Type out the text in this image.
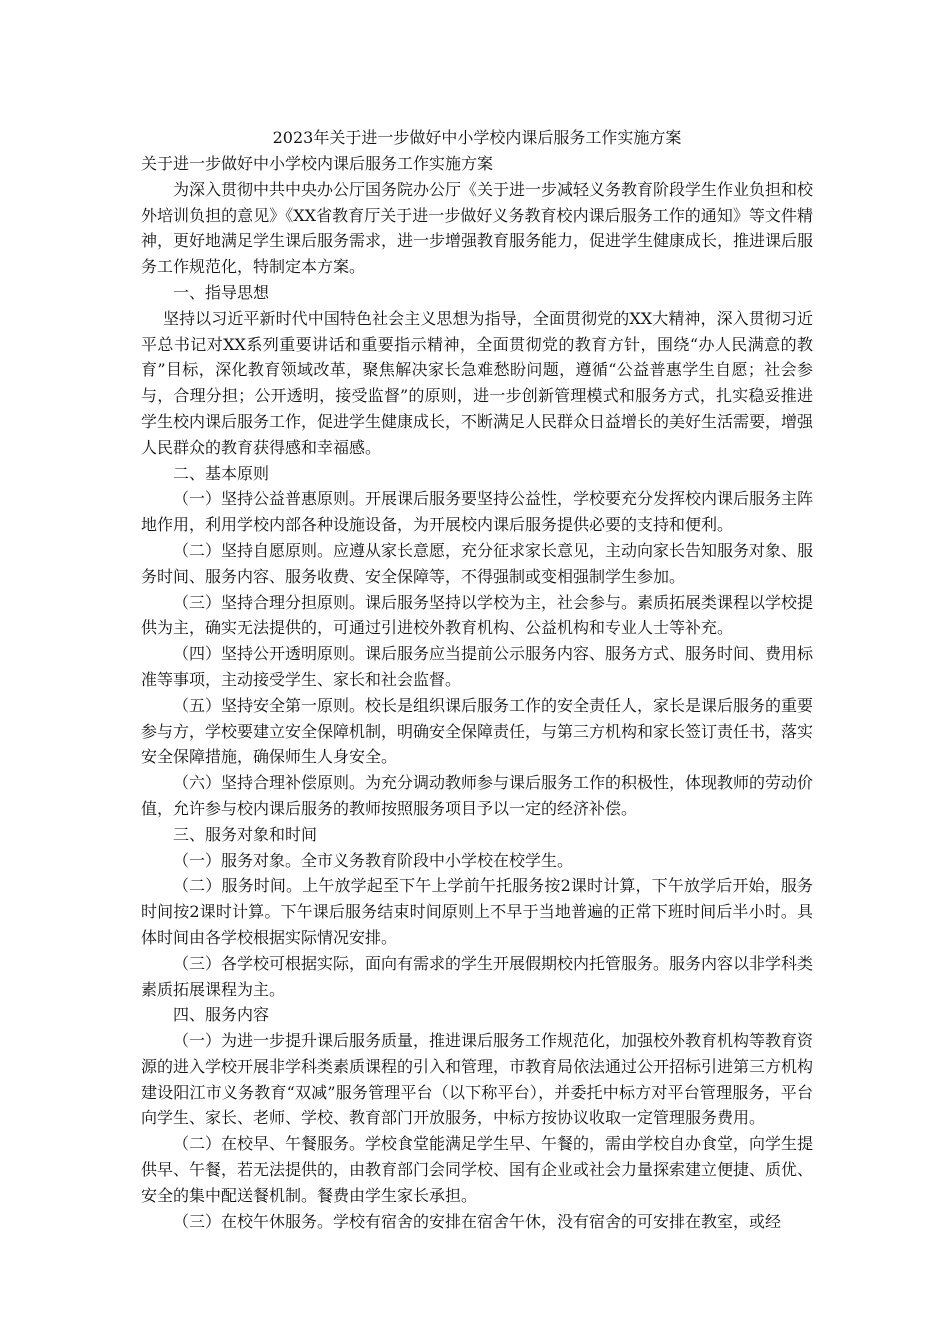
2023年关于进一步做好中小学校内课后服务工作实施方案

关于进一步做好中小学校内课后服务工作实施方案

为深入贯彻中共中央办公厅国务院办公厅《关于进一步减轻义务教育阶段学生作业负担和校外培训负担的意见》《XX省教育厅关于进一步做好义务教育校内课后服务工作的通知》等文件精神，更好地满足学生课后服务需求，进一步增强教育服务能力，促进学生健康成长，推进课后服务工作规范化，特制定本方案。

一、指导思想

坚持以习近平新时代中国特色社会主义思想为指导，全面贯彻党的XX大精神，深入贯彻习近平总书记对XX系列重要讲话和重要指示精神，全面贯彻党的教育方针，围绕“办人民满意的教育”目标，深化教育领域改革，聚焦解决家长急难愁盼问题，遵循“公益普惠学生自愿；社会参与，合理分担；公开透明，接受监督”的原则，进一步创新管理模式和服务方式，扎实稳妥推进学生校内课后服务工作，促进学生健康成长，不断满足人民群众日益增长的美好生活需要，增强人民群众的教育获得感和幸福感。

二、基本原则

（一）坚持公益普惠原则。开展课后服务要坚持公益性，学校要充分发挥校内课后服务主阵地作用，利用学校内部各种设施设备，为开展校内课后服务提供必要的支持和便利。

（二）坚持自愿原则。应遵从家长意愿，充分征求家长意见，主动向家长告知服务对象、服务时间、服务内容、服务收费、安全保障等，不得强制或变相强制学生参加。

（三）坚持合理分担原则。课后服务坚持以学校为主，社会参与。素质拓展类课程以学校提供为主，确实无法提供的，可通过引进校外教育机构、公益机构和专业人士等补充。

（四）坚持公开透明原则。课后服务应当提前公示服务内容、服务方式、服务时间、费用标准等事项，主动接受学生、家长和社会监督。

（五）坚持安全第一原则。校长是组织课后服务工作的安全责任人，家长是课后服务的重要参与方，学校要建立安全保障机制，明确安全保障责任，与第三方机构和家长签订责任书，落实安全保障措施，确保师生人身安全。

（六）坚持合理补偿原则。为充分调动教师参与课后服务工作的积极性，体现教师的劳动价值，允许参与校内课后服务的教师按照服务项目予以一定的经济补偿。

三、服务对象和时间

（一）服务对象。全市义务教育阶段中小学校在校学生。

（二）服务时间。上午放学起至下午上学前午托服务按2课时计算，下午放学后开始，服务时间按2课时计算。下午课后服务结束时间原则上不早于当地普遍的正常下班时间后半小时。具体时间由各学校根据实际情况安排。

（三）各学校可根据实际，面向有需求的学生开展假期校内托管服务。服务内容以非学科类素质拓展课程为主。

四、服务内容

（一）为进一步提升课后服务质量，推进课后服务工作规范化，加强校外教育机构等教育资源的进入学校开展非学科类素质课程的引入和管理，市教育局依法通过公开招标引进第三方机构建设阳江市义务教育“双减”服务管理平台（以下称平台），并委托中标方对平台管理服务，平台向学生、家长、老师、学校、教育部门开放服务，中标方按协议收取一定管理服务费用。

（二）在校早、午餐服务。学校食堂能满足学生早、午餐的，需由学校自办食堂，向学生提供早、午餐，若无法提供的，由教育部门会同学校、国有企业或社会力量探索建立便捷、质优、安全的集中配送餐机制。餐费由学生家长承担。

（三）在校午休服务。学校有宿舍的安排在宿舍午休，没有宿舍的可安排在教室，或经
